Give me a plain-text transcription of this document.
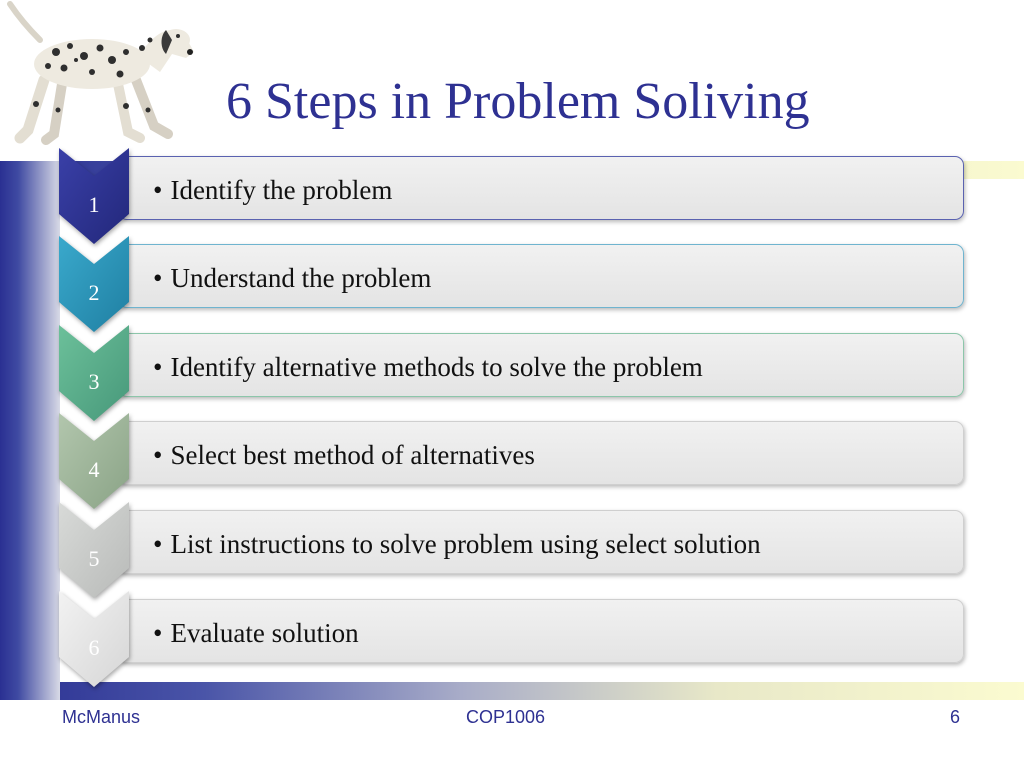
6 Steps in Problem Soliving
• Identify the problem
1
• Understand the problem
2
• Identify alternative methods to solve the problem
3
• Select best method of alternatives
4
• List instructions to solve problem using select solution
5
• Evaluate solution
6
McManus	COP1006	6
